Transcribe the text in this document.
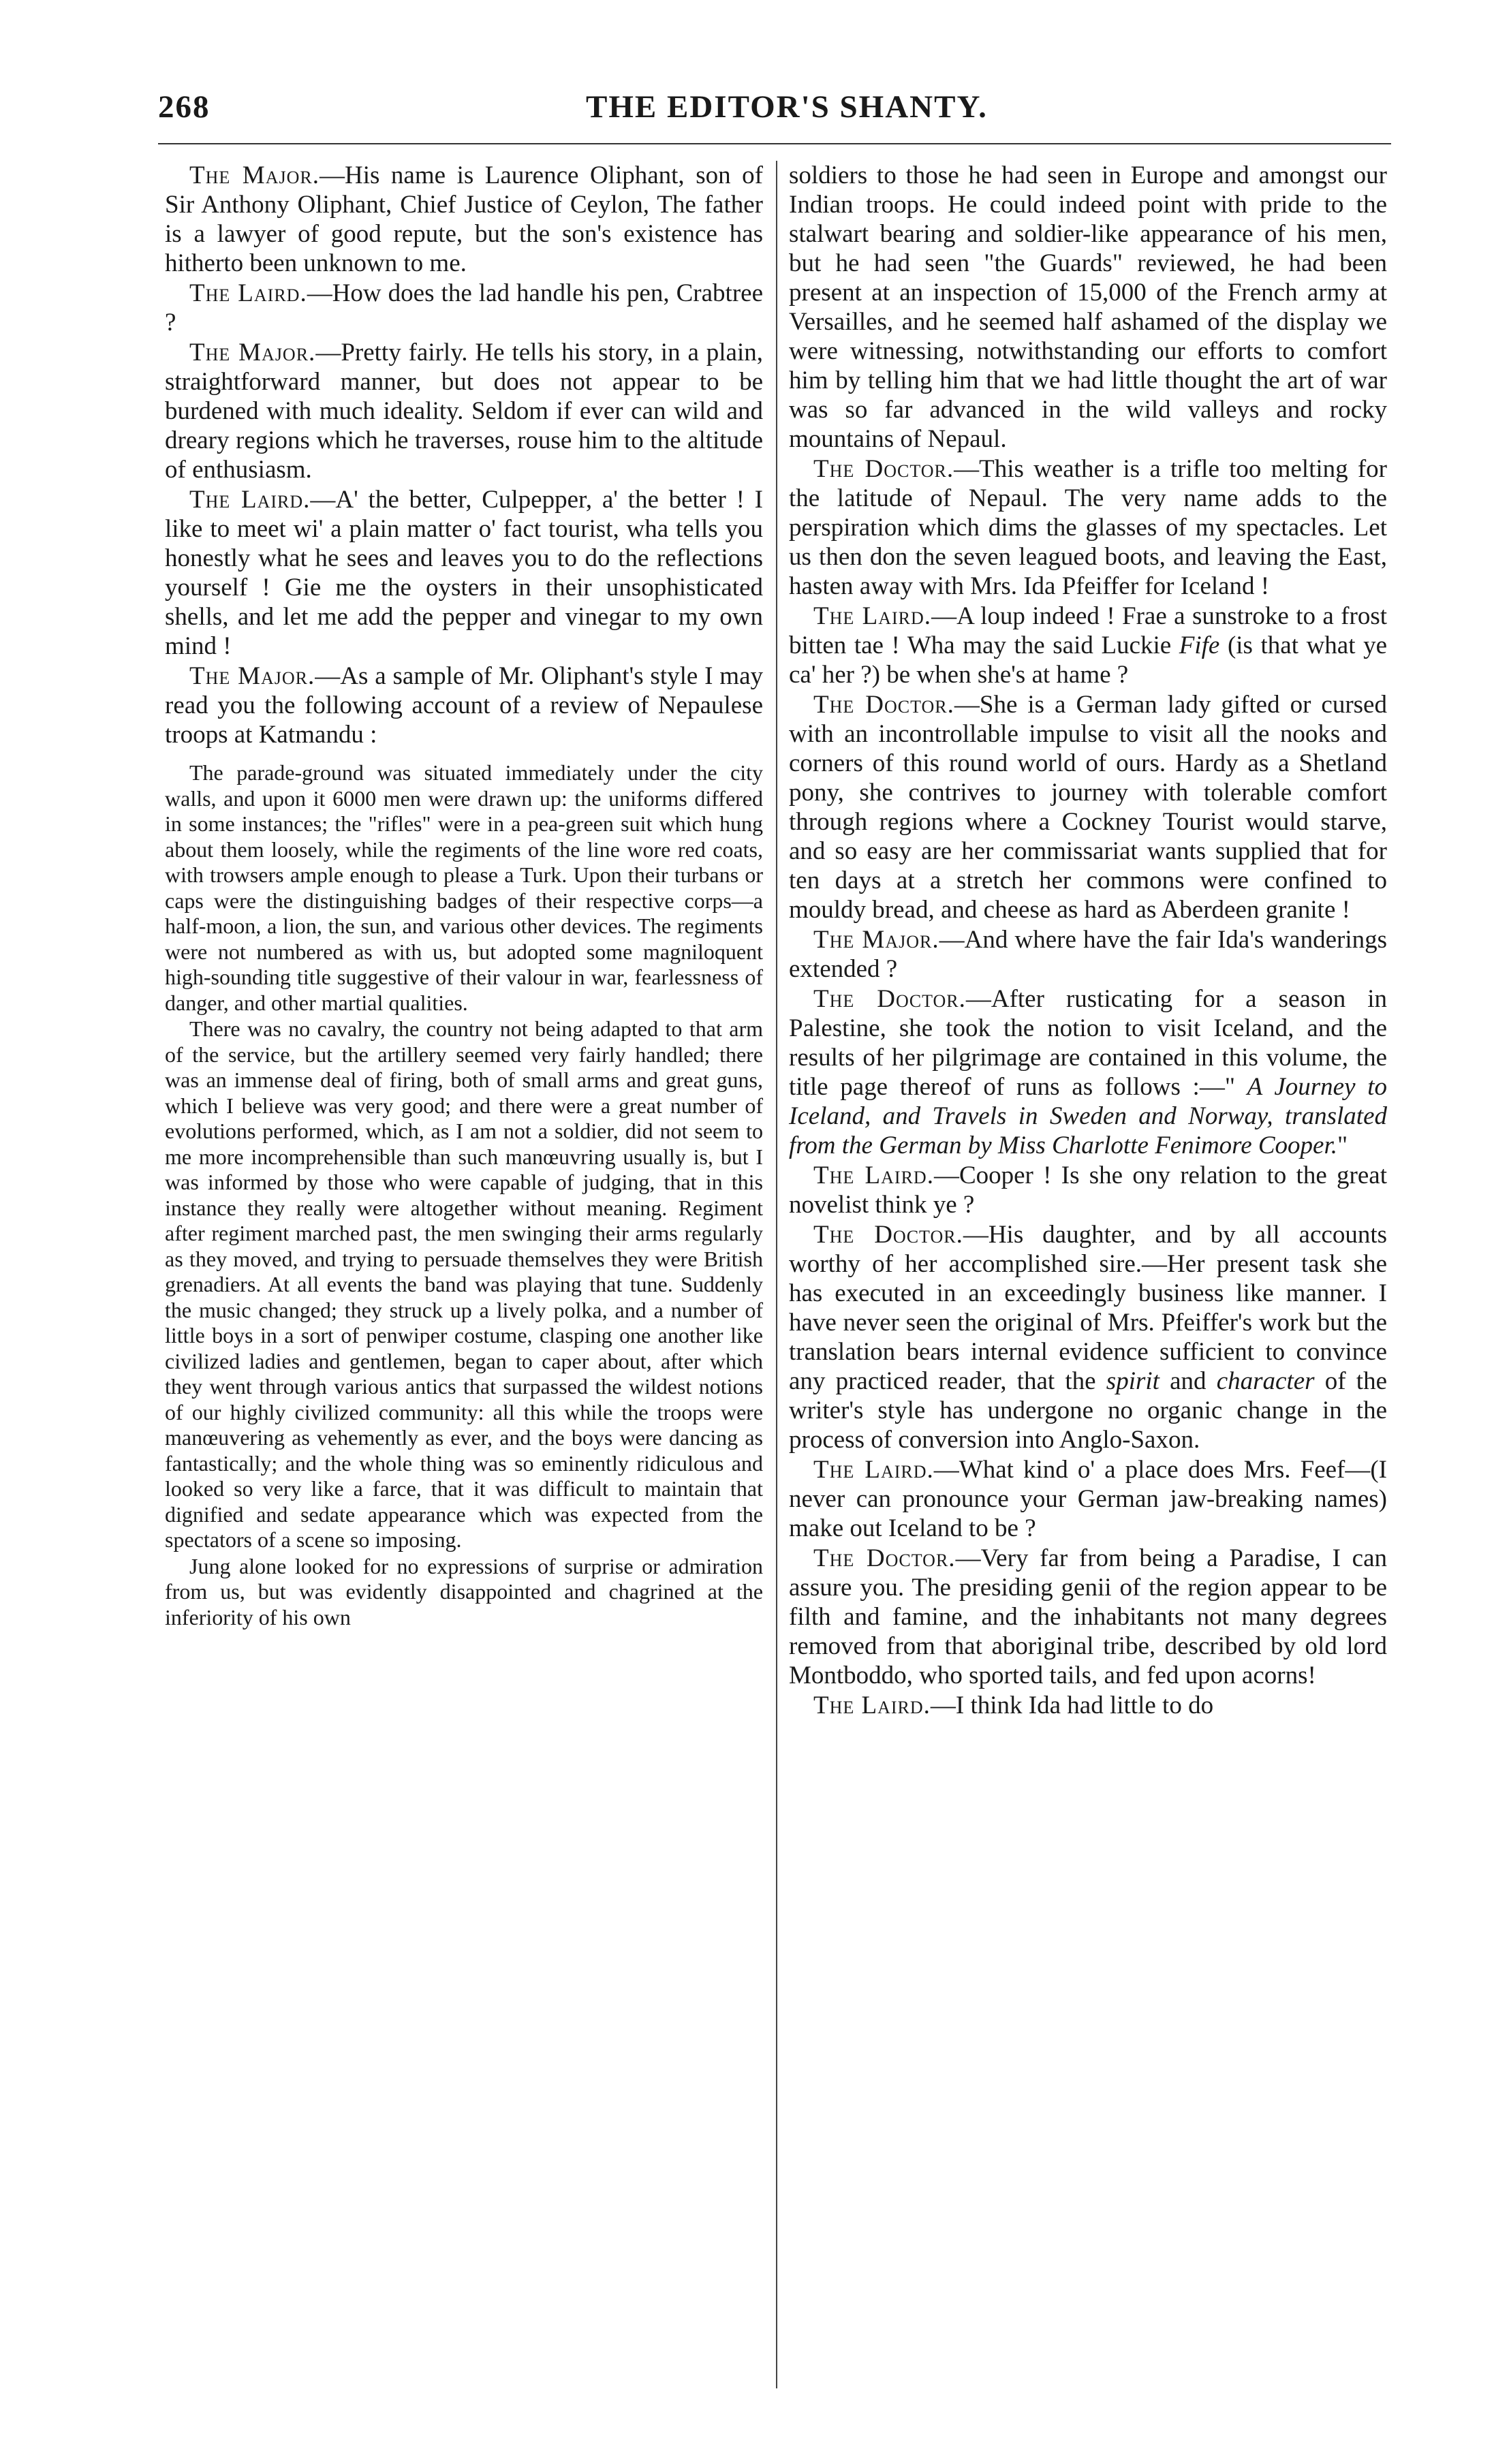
268	THE EDITOR'S SHANTY.

The Major.—His name is Laurence Oliphant, son of Sir Anthony Oliphant, Chief Justice of Ceylon, The father is a lawyer of good repute, but the son's existence has hitherto been unknown to me.

The Laird.—How does the lad handle his pen, Crabtree ?

The Major.—Pretty fairly. He tells his story, in a plain, straightforward manner, but does not appear to be burdened with much ideality. Seldom if ever can wild and dreary regions which he traverses, rouse him to the altitude of enthusiasm.

The Laird.—A' the better, Culpepper, a' the better ! I like to meet wi' a plain matter o' fact tourist, wha tells you honestly what he sees and leaves you to do the reflections yourself ! Gie me the oysters in their unsophisticated shells, and let me add the pepper and vinegar to my own mind !

The Major.—As a sample of Mr. Oliphant's style I may read you the following account of a review of Nepaulese troops at Katmandu :

The parade-ground was situated immediately under the city walls, and upon it 6000 men were drawn up: the uniforms differed in some instances; the "rifles" were in a pea-green suit which hung about them loosely, while the regiments of the line wore red coats, with trowsers ample enough to please a Turk. Upon their turbans or caps were the distinguishing badges of their respective corps—a half-moon, a lion, the sun, and various other devices. The regiments were not numbered as with us, but adopted some magniloquent high-sounding title suggestive of their valour in war, fearlessness of danger, and other martial qualities.

There was no cavalry, the country not being adapted to that arm of the service, but the artillery seemed very fairly handled; there was an immense deal of firing, both of small arms and great guns, which I believe was very good; and there were a great number of evolutions performed, which, as I am not a soldier, did not seem to me more incomprehensible than such manœuvring usually is, but I was informed by those who were capable of judging, that in this instance they really were altogether without meaning. Regiment after regiment marched past, the men swinging their arms regularly as they moved, and trying to persuade themselves they were British grenadiers. At all events the band was playing that tune. Suddenly the music changed; they struck up a lively polka, and a number of little boys in a sort of penwiper costume, clasping one another like civilized ladies and gentlemen, began to caper about, after which they went through various antics that surpassed the wildest notions of our highly civilized community: all this while the troops were manœuvering as vehemently as ever, and the boys were dancing as fantastically; and the whole thing was so eminently ridiculous and looked so very like a farce, that it was difficult to maintain that dignified and sedate appearance which was expected from the spectators of a scene so imposing.

Jung alone looked for no expressions of surprise or admiration from us, but was evidently disappointed and chagrined at the inferiority of his own

soldiers to those he had seen in Europe and amongst our Indian troops. He could indeed point with pride to the stalwart bearing and soldier-like appearance of his men, but he had seen "the Guards" reviewed, he had been present at an inspection of 15,000 of the French army at Versailles, and he seemed half ashamed of the display we were witnessing, notwithstanding our efforts to comfort him by telling him that we had little thought the art of war was so far advanced in the wild valleys and rocky mountains of Nepaul.

The Doctor.—This weather is a trifle too melting for the latitude of Nepaul. The very name adds to the perspiration which dims the glasses of my spectacles. Let us then don the seven leagued boots, and leaving the East, hasten away with Mrs. Ida Pfeiffer for Iceland !

The Laird.—A loup indeed ! Frae a sunstroke to a frost bitten tae ! Wha may the said Luckie Fife (is that what ye ca' her ?) be when she's at hame ?

The Doctor.—She is a German lady gifted or cursed with an incontrollable impulse to visit all the nooks and corners of this round world of ours. Hardy as a Shetland pony, she contrives to journey with tolerable comfort through regions where a Cockney Tourist would starve, and so easy are her commissariat wants supplied that for ten days at a stretch her commons were confined to mouldy bread, and cheese as hard as Aberdeen granite !

The Major.—And where have the fair Ida's wanderings extended ?

The Doctor.—After rusticating for a season in Palestine, she took the notion to visit Iceland, and the results of her pilgrimage are contained in this volume, the title page thereof of runs as follows :—" A Journey to Iceland, and Travels in Sweden and Norway, translated from the German by Miss Charlotte Fenimore Cooper."

The Laird.—Cooper ! Is she ony relation to the great novelist think ye ?

The Doctor.—His daughter, and by all accounts worthy of her accomplished sire.—Her present task she has executed in an exceedingly business like manner. I have never seen the original of Mrs. Pfeiffer's work but the translation bears internal evidence sufficient to convince any practiced reader, that the spirit and character of the writer's style has undergone no organic change in the process of conversion into Anglo-Saxon.

The Laird.—What kind o' a place does Mrs. Feef—(I never can pronounce your German jaw-breaking names) make out Iceland to be ?

The Doctor.—Very far from being a Paradise, I can assure you. The presiding genii of the region appear to be filth and famine, and the inhabitants not many degrees removed from that aboriginal tribe, described by old lord Montboddo, who sported tails, and fed upon acorns!

The Laird.—I think Ida had little to do
